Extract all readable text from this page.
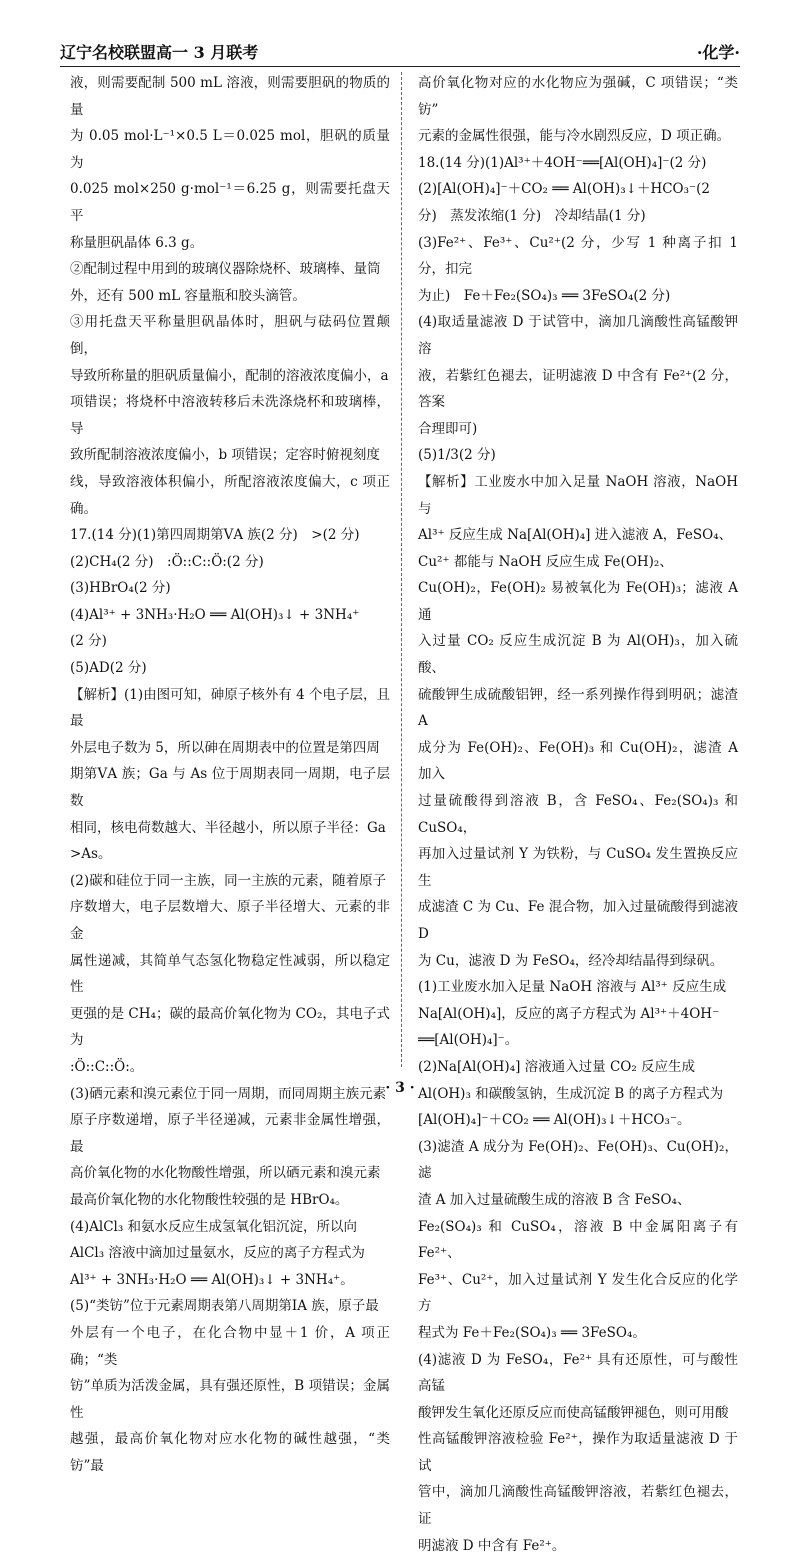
辽宁名校联盟高一 3 月联考	·化学·

液，则需要配制 500 mL 溶液，则需要胆矾的物质的量

为 0.05 mol·L⁻¹×0.5 L＝0.025 mol，胆矾的质量为

0.025 mol×250 g·mol⁻¹＝6.25 g，则需要托盘天平

称量胆矾晶体 6.3 g。

②配制过程中用到的玻璃仪器除烧杯、玻璃棒、量筒

外，还有 500 mL 容量瓶和胶头滴管。

③用托盘天平称量胆矾晶体时，胆矾与砝码位置颠倒，

导致所称量的胆矾质量偏小，配制的溶液浓度偏小，a

项错误；将烧杯中溶液转移后未洗涤烧杯和玻璃棒，导

致所配制溶液浓度偏小，b 项错误；定容时俯视刻度

线，导致溶液体积偏小，所配溶液浓度偏大，c 项正确。

17.(14 分)(1)第四周期第ⅤA 族(2 分)　>(2 分)

(2)CH₄(2 分)　:Ö::C::Ö:(2 分)

(3)HBrO₄(2 分)

(4)Al³⁺ + 3NH₃·H₂O ══ Al(OH)₃↓ + 3NH₄⁺

(2 分)

(5)AD(2 分)

【解析】(1)由图可知，砷原子核外有 4 个电子层，且最

外层电子数为 5，所以砷在周期表中的位置是第四周

期第ⅤA 族；Ga 与 As 位于周期表同一周期，电子层数

相同，核电荷数越大、半径越小，所以原子半径：Ga

>As。

(2)碳和硅位于同一主族，同一主族的元素，随着原子

序数增大，电子层数增大、原子半径增大、元素的非金

属性递减，其简单气态氢化物稳定性减弱，所以稳定性

更强的是 CH₄；碳的最高价氧化物为 CO₂，其电子式为

:Ö::C::Ö:。

(3)硒元素和溴元素位于同一周期，而同周期主族元素

原子序数递增，原子半径递减，元素非金属性增强，最

高价氧化物的水化物酸性增强，所以硒元素和溴元素

最高价氧化物的水化物酸性较强的是 HBrO₄。

(4)AlCl₃ 和氨水反应生成氢氧化铝沉淀，所以向

AlCl₃ 溶液中滴加过量氨水，反应的离子方程式为

Al³⁺ + 3NH₃·H₂O ══ Al(OH)₃↓ + 3NH₄⁺。

(5)“类钫”位于元素周期表第八周期第ⅠA 族，原子最

外层有一个电子，在化合物中显＋1 价，A 项正确；“类

钫”单质为活泼金属，具有强还原性，B 项错误；金属性

越强，最高价氧化物对应水化物的碱性越强，“类钫”最

高价氧化物对应的水化物应为强碱，C 项错误；“类钫”

元素的金属性很强，能与冷水剧烈反应，D 项正确。

18.(14 分)(1)Al³⁺＋4OH⁻══[Al(OH)₄]⁻(2 分)

(2)[Al(OH)₄]⁻＋CO₂ ══ Al(OH)₃↓＋HCO₃⁻(2

分)　蒸发浓缩(1 分)　冷却结晶(1 分)

(3)Fe²⁺、Fe³⁺、Cu²⁺(2 分，少写 1 种离子扣 1 分，扣完

为止)　Fe＋Fe₂(SO₄)₃ ══ 3FeSO₄(2 分)

(4)取适量滤液 D 于试管中，滴加几滴酸性高锰酸钾溶

液，若紫红色褪去，证明滤液 D 中含有 Fe²⁺(2 分，答案

合理即可)

(5)1/3(2 分)

【解析】工业废水中加入足量 NaOH 溶液，NaOH 与

Al³⁺ 反应生成 Na[Al(OH)₄] 进入滤液 A，FeSO₄、

Cu²⁺ 都能与 NaOH 反应生成 Fe(OH)₂、

Cu(OH)₂，Fe(OH)₂ 易被氧化为 Fe(OH)₃；滤液 A 通

入过量 CO₂ 反应生成沉淀 B 为 Al(OH)₃，加入硫酸、

硫酸钾生成硫酸铝钾，经一系列操作得到明矾；滤渣 A

成分为 Fe(OH)₂、Fe(OH)₃ 和 Cu(OH)₂，滤渣 A 加入

过量硫酸得到溶液 B，含 FeSO₄、Fe₂(SO₄)₃ 和 CuSO₄，

再加入过量试剂 Y 为铁粉，与 CuSO₄ 发生置换反应生

成滤渣 C 为 Cu、Fe 混合物，加入过量硫酸得到滤液 D

为 Cu，滤液 D 为 FeSO₄，经冷却结晶得到绿矾。

(1)工业废水加入足量 NaOH 溶液与 Al³⁺ 反应生成

Na[Al(OH)₄]，反应的离子方程式为 Al³⁺＋4OH⁻

══[Al(OH)₄]⁻。

(2)Na[Al(OH)₄] 溶液通入过量 CO₂ 反应生成

Al(OH)₃ 和碳酸氢钠，生成沉淀 B 的离子方程式为

[Al(OH)₄]⁻＋CO₂ ══ Al(OH)₃↓＋HCO₃⁻。

(3)滤渣 A 成分为 Fe(OH)₂、Fe(OH)₃、Cu(OH)₂，滤

渣 A 加入过量硫酸生成的溶液 B 含 FeSO₄、

Fe₂(SO₄)₃ 和 CuSO₄，溶液 B 中金属阳离子有 Fe²⁺、

Fe³⁺、Cu²⁺，加入过量试剂 Y 发生化合反应的化学方

程式为 Fe＋Fe₂(SO₄)₃ ══ 3FeSO₄。

(4)滤液 D 为 FeSO₄，Fe²⁺ 具有还原性，可与酸性高锰

酸钾发生氧化还原反应而使高锰酸钾褪色，则可用酸

性高锰酸钾溶液检验 Fe²⁺，操作为取适量滤液 D 于试

管中，滴加几滴酸性高锰酸钾溶液，若紫红色褪去，证

明滤液 D 中含有 Fe²⁺。

· 3 ·
